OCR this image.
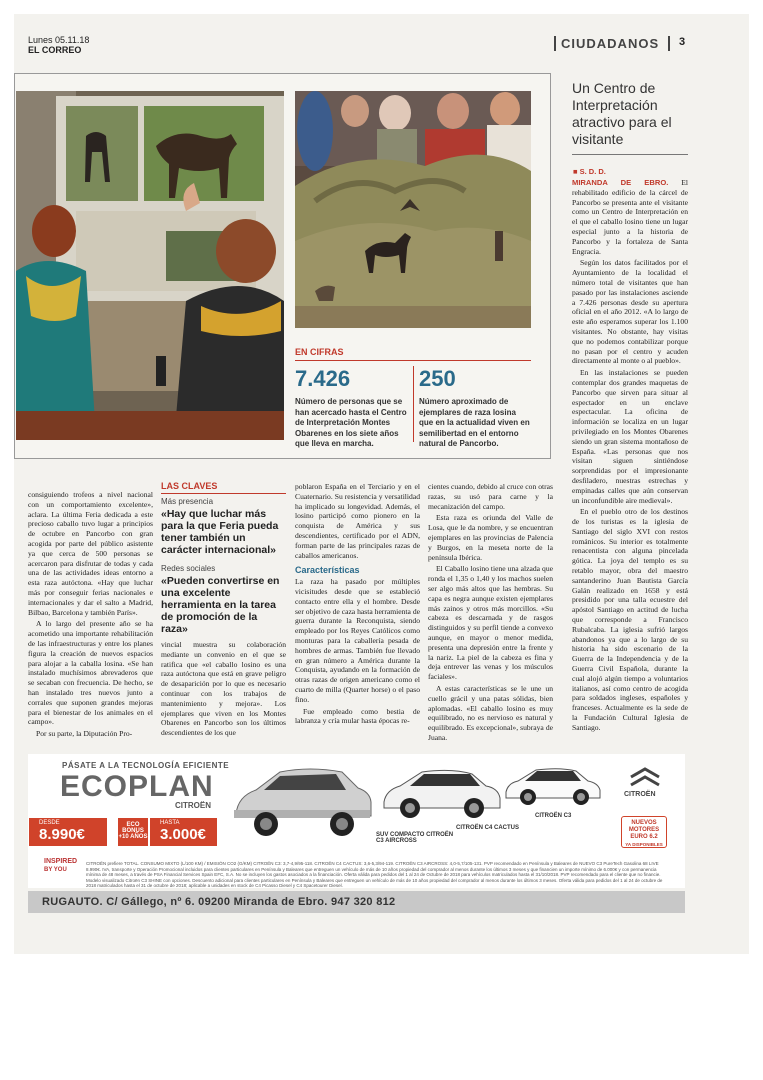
Lunes 05.11.18
EL CORREO	CIUDADANOS 3
EN CIFRAS
7.426	250
Número de personas que se han acercado hasta el Centro de Interpretación Montes Obarenes en los siete años que lleva en marcha.
Número aproximado de ejemplares de raza losina que en la actualidad viven en semilibertad en el entorno natural de Pancorbo.
Un Centro de Interpretación atractivo para el visitante
■ S. D. D.

MIRANDA DE EBRO. El rehabilitado edificio de la cárcel de Pancorbo se presenta ante el visitante como un Centro de Interpretación en el que el caballo losino tiene un lugar especial junto a la historia de Pancorbo y la fortaleza de Santa Engracia.

Según los datos facilitados por el Ayuntamiento de la localidad el número total de visitantes que han pasado por las instalaciones asciende a 7.426 personas desde su apertura oficial en el año 2012. «A lo largo de este año esperamos superar los 1.100 visitantes. No obstante, hay visitas que no podemos contabilizar porque no pasan por el centro y acuden directamente al monte o al pueblo».

En las instalaciones se pueden contemplar dos grandes maquetas de Pancorbo que sirven para situar al espectador en un enclave espectacular. La oficina de información se localiza en un lugar privilegiado en los Montes Obarenes siendo un gran sistema montañoso de España. «Las personas que nos visitan siguen sintiéndose sorprendidas por el impresionante desfiladero, nuestras estrechas y empinadas calles que aún conservan un inconfundible aire medieval».

En el pueblo otro de los destinos de los turistas es la iglesia de Santiago del siglo XVI con restos románicos. Su interior es totalmente renacentista con alguna pincelada gótica. La joya del templo es su retablo mayor, obra del maestro santanderino Juan Bautista García Galán realizado en 1658 y está presidido por una talla ecuestre del apóstol Santiago en actitud de lucha que corresponde a Francisco Rubalcaba. La iglesia sufrió largos abandonos ya que a lo largo de su historia ha sido escenario de la Guerra de la Independencia y de la Guerra Civil Española, durante la cual alojó algún tiempo a voluntarios italianos, así como centro de acogida para soldados ingleses, españoles y franceses. Actualmente es la sede de la Fundación Cultural Iglesia de Santiago.

consiguiendo trofeos a nivel nacional con un comportamiento excelente», aclara. La última Feria dedicada a este precioso caballo tuvo lugar a principios de octubre en Pancorbo con gran acogida por parte del público asistente ya que cerca de 500 personas se acercaron para disfrutar de todas y cada una de las actividades ideas entorno a esta raza autóctona. «Hay que luchar más por conseguir ferias nacionales e internacionales y dar el salto a Madrid, Bilbao, Barcelona y también París».

A lo largo del presente año se ha acometido una importante rehabilitación de las infraestructuras y entre los planes figura la creación de nuevos espacios para alojar a la caballa losina. «Se han instalado muchísimos abrevaderos que se secaban con frecuencia. De hecho, se han instalado tres nuevos junto a corrales que suponen grandes mejoras para el bienestar de los animales en el campo».

Por su parte, la Diputación Pro-

LAS CLAVES
Más presencia
«Hay que luchar más para la que Feria pueda tener también un carácter internacional»
Redes sociales
«Pueden convertirse en una excelente herramienta en la tarea de promoción de la raza»

vincial muestra su colaboración mediante un convenio en el que se ratifica que «el caballo losino es una raza autóctona que está en grave peligro de desaparición por lo que es necesario continuar con los trabajos de mantenimiento y mejora». Los ejemplares que viven en los Montes Obarenes en Pancorbo son los últimos descendientes de los que

poblaron España en el Terciario y en el Cuaternario. Su resistencia y versatilidad ha implicado su longevidad. Además, el losino participó como pionero en la conquista de América y sus descendientes, certificado por el ADN, forman parte de las principales razas de caballos americanos.

Características

La raza ha pasado por múltiples vicisitudes desde que se estableció contacto entre ella y el hombre. Desde ser objetivo de caza hasta herramienta de guerra durante la Reconquista, siendo empleado por los Reyes Católicos como monturas para la caballería pesada de hombres de armas. También fue llevado en gran número a América durante la Conquista, ayudando en la formación de otras razas de origen americano como el cuarto de milla (Quarter horse) o el paso fino.

Fue empleado como bestia de labranza y cría mular hasta épocas re-

cientes cuando, debido al cruce con otras razas, su usó para carne y la mecanización del campo.

Esta raza es oriunda del Valle de Losa, que le da nombre, y se encuentran ejemplares en las provincias de Palencia y Burgos, en la meseta norte de la península Ibérica.

El Caballo losino tiene una alzada que ronda el 1,35 o 1,40 y los machos suelen ser algo más altos que las hembras. Su capa es negra aunque existen ejemplares más zainos y otros más morcillos. «Su cabeza es descarnada y de rasgos distinguidos y su perfil tiende a convexo aunque, en mayor o menor medida, presenta una depresión entre la frente y la nariz. La piel de la cabeza es fina y deja entrever las venas y los músculos faciales».

A estas características se le une un cuello grácil y una patas sólidas, bien aplomadas. «El caballo losino es muy equilibrado, no es nervioso es natural y equilibrado. Es excepcional», subraya de Juana.

PÁSATE A LA TECNOLOGÍA EFICIENTE
ECOPLAN
CITROËN
DESDE
8.990€
ECO BONUS
+10 AÑOS
HASTA
3.000€	SUV COMPACTO CITROËN C3 AIRCROSS
CITROËN C4 CACTUS
CITROËN C3
CITROËN
NUEVOS MOTORES EURO 6.2
YA DISPONIBLES
INSPIRED
BY YOU
CITROËN prefiere TOTAL. CONSUMO MIXTO (L/100 KM) / EMISIÓN CO2 (G/KM) CITROËN C3: 3,7-4,9/95-118. CITROËN C4 CACTUS: 3,6-5,3/94-119. CITROËN C3 AIRCROSS: 4,0-5,7/105-131. PVP recomendado en Península y Baleares de NUEVO C3 PureTech Gasolina 68 LIVE 8.990€. IVA, transporte y Operación Promocional incluidos para clientes particulares en Península y Baleares que entreguen un vehículo de más de 10 años propiedad del comprador al menos durante los últimos 3 meses y que financien un importe mínimo de 6.000€ y con permanencia mínima de 48 meses, a través de PSA Financial Services Spain EFC, S.A. No se incluyen los gastos asociados a la financiación. Oferta válida para pedidos del 1 al 24 de Octubre de 2018 para vehículos matriculados hasta el 31/10/2018. PVP recomendado para el cliente que no financie. Modelo visualizado Citroën C3 SHINE con opciones. Descuento adicional para clientes particulares en Península y Baleares que entreguen un vehículo de más de 10 años propiedad del comprador al menos durante los últimos 3 meses. Oferta válida para pedidos del 1 al 24 de octubre de 2018 matriculados hasta el 31 de octubre de 2018; aplicable a unidades en stock de C4 Picasso Diesel y C4 Spacetourer Diesel.
RUGAUTO. C/ Gállego, nº 6. 09200 Miranda de Ebro. 947 320 812
